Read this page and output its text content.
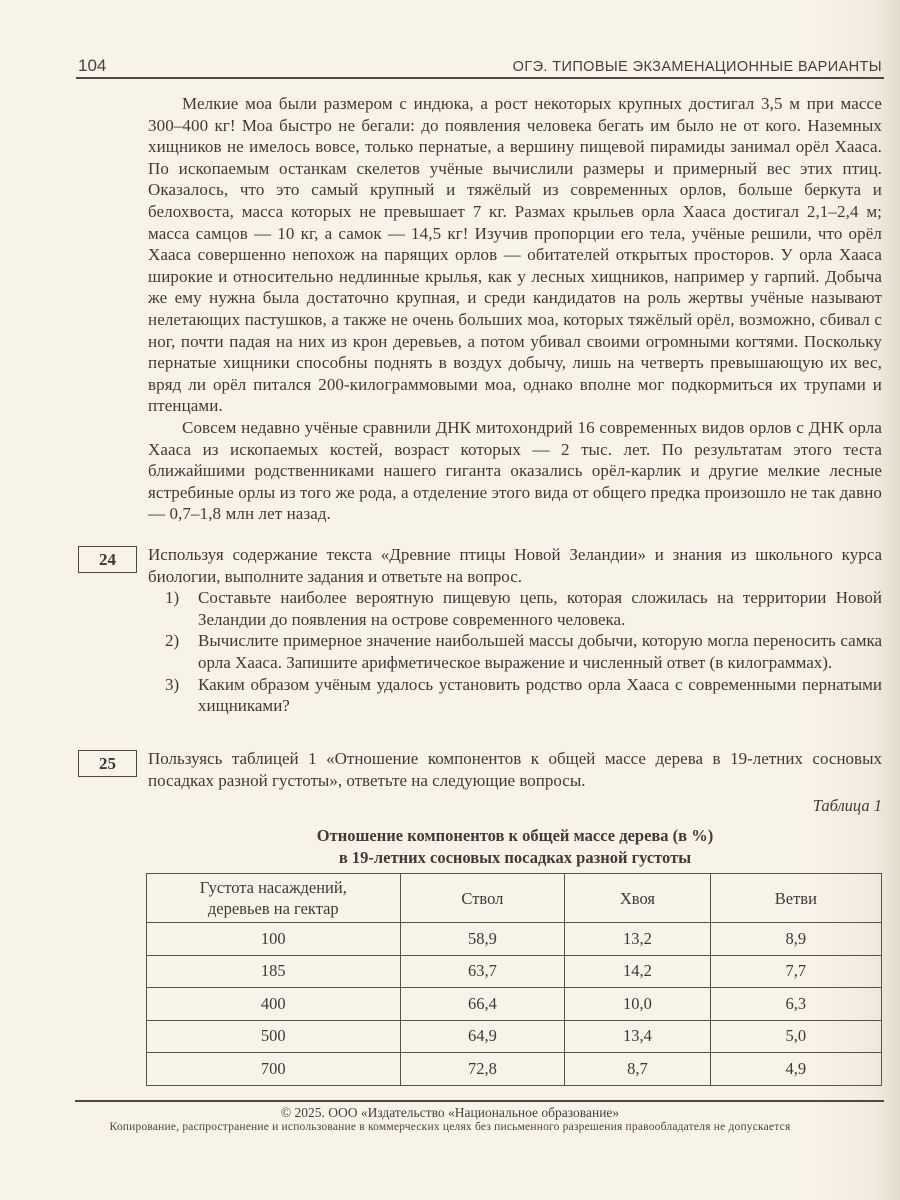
104	ОГЭ. ТИПОВЫЕ ЭКЗАМЕНАЦИОННЫЕ ВАРИАНТЫ

Мелкие моа были размером с индюка, а рост некоторых крупных достигал 3,5 м при массе 300–400 кг! Моа быстро не бегали: до появления человека бегать им было не от кого. Наземных хищников не имелось вовсе, только пернатые, а вершину пищевой пирамиды занимал орёл Хааса. По ископаемым останкам скелетов учёные вычислили размеры и примерный вес этих птиц. Оказалось, что это самый крупный и тяжёлый из современных орлов, больше беркута и белохвоста, масса которых не превышает 7 кг. Размах крыльев орла Хааса достигал 2,1–2,4 м; масса самцов — 10 кг, а самок — 14,5 кг! Изучив пропорции его тела, учёные решили, что орёл Хааса совершенно непохож на парящих орлов — обитателей открытых просторов. У орла Хааса широкие и относительно недлинные крылья, как у лесных хищников, например у гарпий. Добыча же ему нужна была достаточно крупная, и среди кандидатов на роль жертвы учёные называют нелетающих пастушков, а также не очень больших моа, которых тяжёлый орёл, возможно, сбивал с ног, почти падая на них из крон деревьев, а потом убивал своими огромными когтями. Поскольку пернатые хищники способны поднять в воздух добычу, лишь на четверть превышающую их вес, вряд ли орёл питался 200-килограммовыми моа, однако вполне мог подкормиться их трупами и птенцами.

Совсем недавно учёные сравнили ДНК митохондрий 16 современных видов орлов с ДНК орла Хааса из ископаемых костей, возраст которых — 2 тыс. лет. По результатам этого теста ближайшими родственниками нашего гиганта оказались орёл-карлик и другие мелкие лесные ястребиные орлы из того же рода, а отделение этого вида от общего предка произошло не так давно — 0,7–1,8 млн лет назад.

24 Используя содержание текста «Древние птицы Новой Зеландии» и знания из школьного курса биологии, выполните задания и ответьте на вопрос.

1) Составьте наиболее вероятную пищевую цепь, которая сложилась на территории Новой Зеландии до появления на острове современного человека.
2) Вычислите примерное значение наибольшей массы добычи, которую могла переносить самка орла Хааса. Запишите арифметическое выражение и численный ответ (в килограммах).
3) Каким образом учёным удалось установить родство орла Хааса с современными пернатыми хищниками?
25 Пользуясь таблицей 1 «Отношение компонентов к общей массе дерева в 19-летних сосновых посадках разной густоты», ответьте на следующие вопросы.

Таблица 1
Отношение компонентов к общей массе дерева (в %)
в 19-летних сосновых посадках разной густоты
Густота насаждений, деревьев на гектар	Ствол	Хвоя	Ветви
100	58,9	13,2	8,9
185	63,7	14,2	7,7
400	66,4	10,0	6,3
500	64,9	13,4	5,0
700	72,8	8,7	4,9
© 2025. ООО «Издательство «Национальное образование»
Копирование, распространение и использование в коммерческих целях без письменного разрешения правообладателя не допускается
